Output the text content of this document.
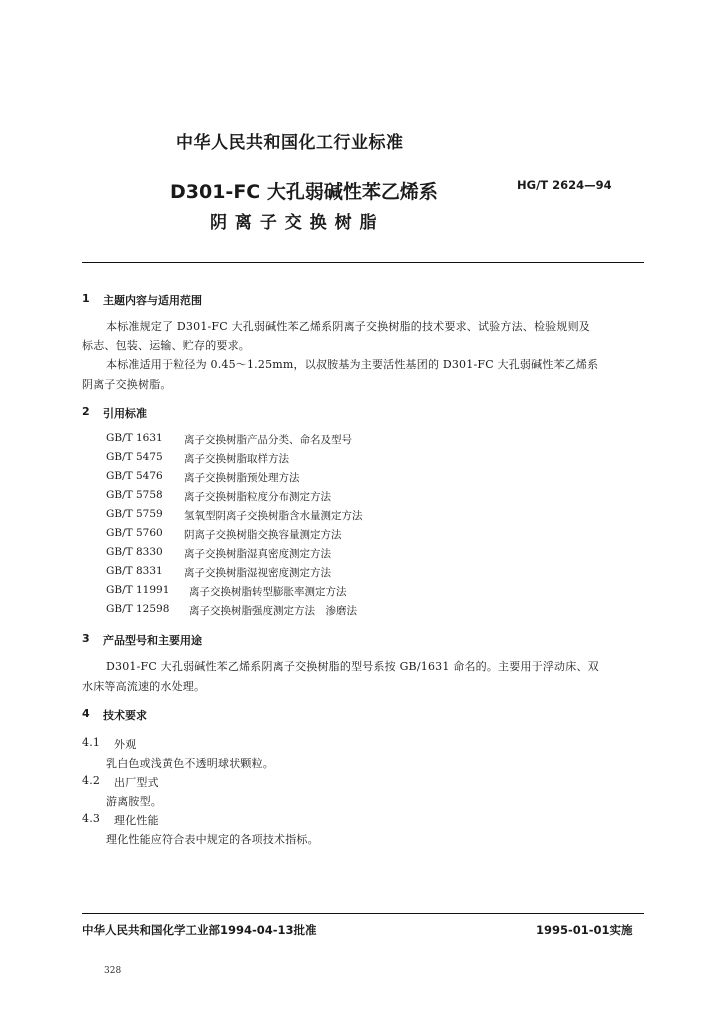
中华人民共和国化工行业标准
D301-FC 大孔弱碱性苯乙烯系	HG/T 2624—94
阴 离 子 交 换 树 脂
1 主题内容与适用范围
本标准规定了 D301-FC 大孔弱碱性苯乙烯系阴离子交换树脂的技术要求、试验方法、检验规则及
标志、包装、运输、贮存的要求。
本标准适用于粒径为 0.45～1.25mm，以叔胺基为主要活性基团的 D301-FC 大孔弱碱性苯乙烯系
阴离子交换树脂。
2 引用标准
GB/T 1631 离子交换树脂产品分类、命名及型号
GB/T 5475 离子交换树脂取样方法
GB/T 5476 离子交换树脂预处理方法
GB/T 5758 离子交换树脂粒度分布测定方法
GB/T 5759 氢氧型阴离子交换树脂含水量测定方法
GB/T 5760 阴离子交换树脂交换容量测定方法
GB/T 8330 离子交换树脂湿真密度测定方法
GB/T 8331 离子交换树脂湿视密度测定方法
GB/T 11991 离子交换树脂转型膨胀率测定方法
GB/T 12598 离子交换树脂强度测定方法　渗磨法
3 产品型号和主要用途
D301-FC 大孔弱碱性苯乙烯系阴离子交换树脂的型号系按 GB/1631 命名的。主要用于浮动床、双
水床等高流速的水处理。
4 技术要求
4.1 外观
乳白色或浅黄色不透明球状颗粒。
4.2 出厂型式
游离胺型。
4.3 理化性能
理化性能应符合表中规定的各项技术指标。
中华人民共和国化学工业部1994-04-13批准	1995-01-01实施
328
